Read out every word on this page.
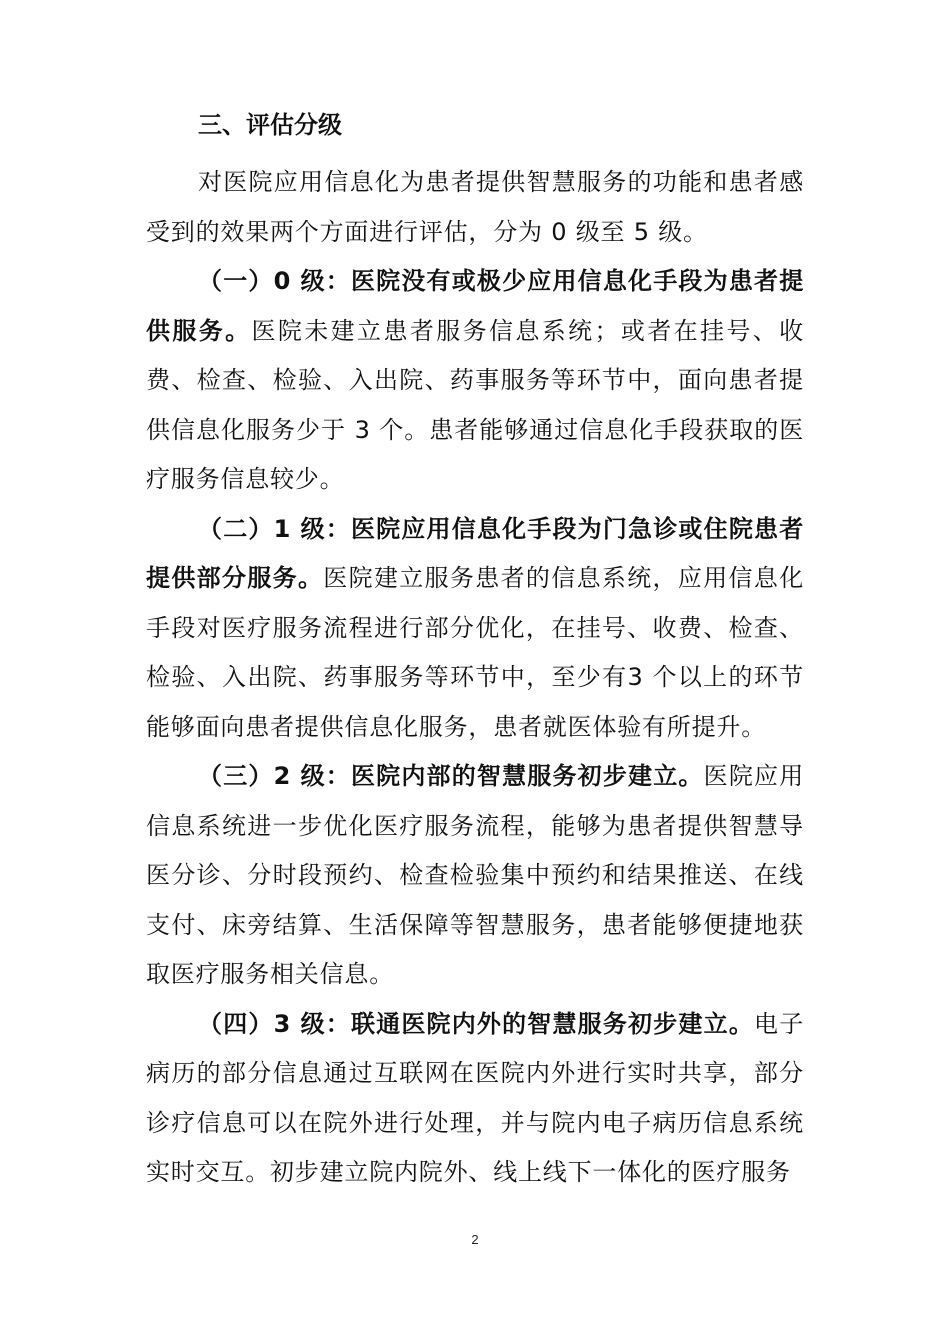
三、评估分级

对医院应用信息化为患者提供智慧服务的功能和患者感受到的效果两个方面进行评估，分为 0 级至 5 级。

（一）0 级：医院没有或极少应用信息化手段为患者提供服务。医院未建立患者服务信息系统；或者在挂号、收费、检查、检验、入出院、药事服务等环节中，面向患者提供信息化服务少于 3 个。患者能够通过信息化手段获取的医疗服务信息较少。

（二）1 级：医院应用信息化手段为门急诊或住院患者提供部分服务。医院建立服务患者的信息系统，应用信息化手段对医疗服务流程进行部分优化，在挂号、收费、检查、检验、入出院、药事服务等环节中，至少有3 个以上的环节能够面向患者提供信息化服务，患者就医体验有所提升。

（三）2 级：医院内部的智慧服务初步建立。医院应用信息系统进一步优化医疗服务流程，能够为患者提供智慧导医分诊、分时段预约、检查检验集中预约和结果推送、在线支付、床旁结算、生活保障等智慧服务，患者能够便捷地获取医疗服务相关信息。

（四）3 级：联通医院内外的智慧服务初步建立。电子病历的部分信息通过互联网在医院内外进行实时共享，部分诊疗信息可以在院外进行处理，并与院内电子病历信息系统实时交互。初步建立院内院外、线上线下一体化的医疗服务

2
